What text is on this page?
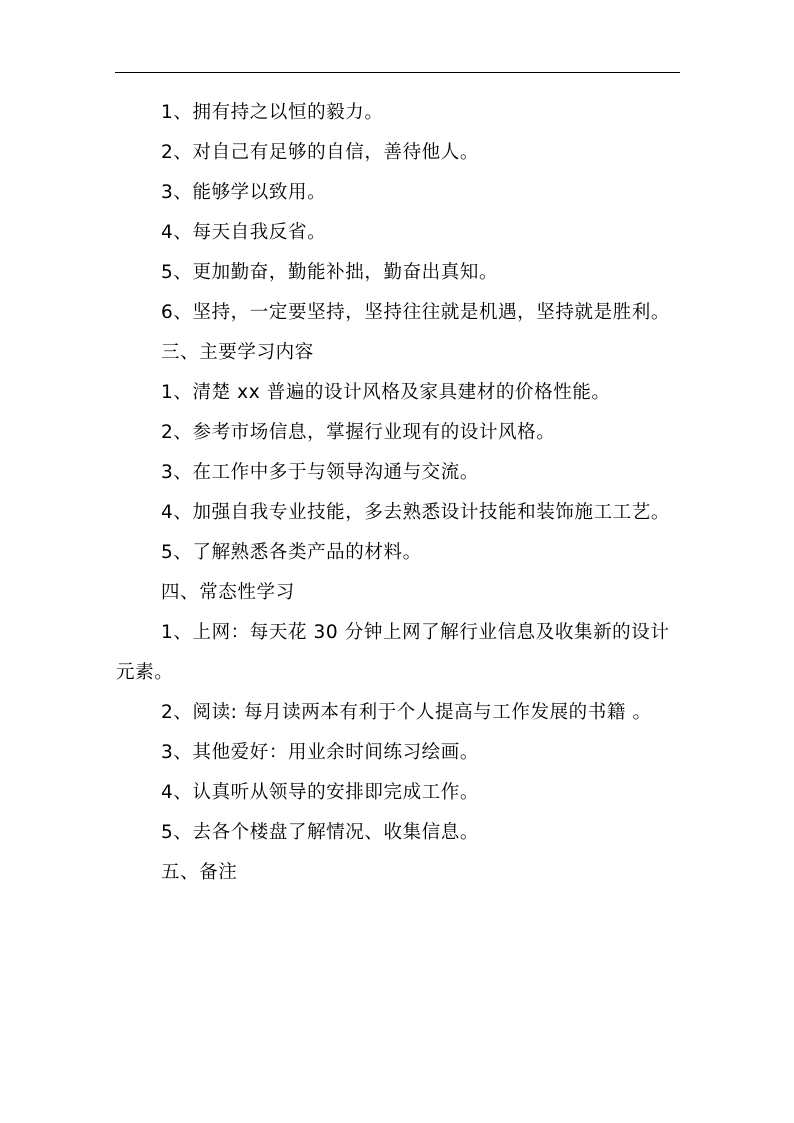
1、拥有持之以恒的毅力。

2、对自己有足够的自信，善待他人。

3、能够学以致用。

4、每天自我反省。

5、更加勤奋，勤能补拙，勤奋出真知。

6、坚持，一定要坚持，坚持往往就是机遇，坚持就是胜利。

三、主要学习内容

1、清楚 xx 普遍的设计风格及家具建材的价格性能。

2、参考市场信息，掌握行业现有的设计风格。

3、在工作中多于与领导沟通与交流。

4、加强自我专业技能，多去熟悉设计技能和装饰施工工艺。

5、了解熟悉各类产品的材料。

四、常态性学习

1、上网：每天花 30 分钟上网了解行业信息及收集新的设计元素。

2、阅读: 每月读两本有利于个人提高与工作发展的书籍 。

3、其他爱好：用业余时间练习绘画。

4、认真听从领导的安排即完成工作。

5、去各个楼盘了解情况、收集信息。

五、备注
